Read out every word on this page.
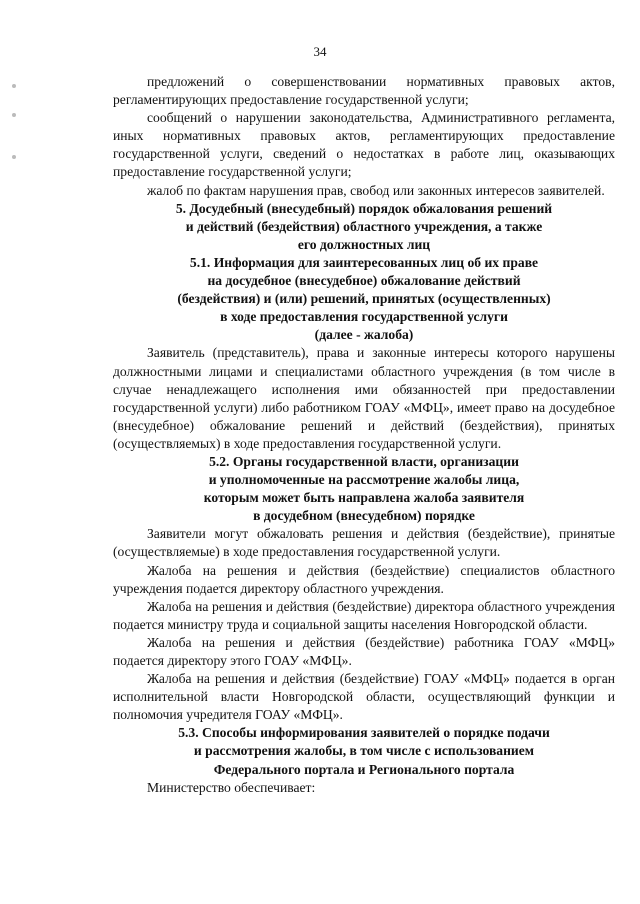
34

предложений о совершенствовании нормативных правовых актов, регламентирующих предоставление государственной услуги;

сообщений о нарушении законодательства, Административного регламента, иных нормативных правовых актов, регламентирующих предоставление государственной услуги, сведений о недостатках в работе лиц, оказывающих предоставление государственной услуги;

жалоб по фактам нарушения прав, свобод или законных интересов заявителей.

5. Досудебный (внесудебный) порядок обжалования решений
и действий (бездействия) областного учреждения, а также
его должностных лиц
5.1. Информация для заинтересованных лиц об их праве
на досудебное (внесудебное) обжалование действий
(бездействия) и (или) решений, принятых (осуществленных)
в ходе предоставления государственной услуги
(далее - жалоба)

Заявитель (представитель), права и законные интересы которого нарушены должностными лицами и специалистами областного учреждения (в том числе в случае ненадлежащего исполнения ими обязанностей при предоставлении государственной услуги) либо работником ГОАУ «МФЦ», имеет право на досудебное (внесудебное) обжалование решений и действий (бездействия), принятых (осуществляемых) в ходе предоставления государственной услуги.

5.2. Органы государственной власти, организации
и уполномоченные на рассмотрение жалобы лица,
которым может быть направлена жалоба заявителя
в досудебном (внесудебном) порядке

Заявители могут обжаловать решения и действия (бездействие), принятые (осуществляемые) в ходе предоставления государственной услуги.

Жалоба на решения и действия (бездействие) специалистов областного учреждения подается директору областного учреждения.

Жалоба на решения и действия (бездействие) директора областного учреждения подается министру труда и социальной защиты населения Новгородской области.

Жалоба на решения и действия (бездействие) работника ГОАУ «МФЦ» подается директору этого ГОАУ «МФЦ».

Жалоба на решения и действия (бездействие) ГОАУ «МФЦ» подается в орган исполнительной власти Новгородской области, осуществляющий функции и полномочия учредителя ГОАУ «МФЦ».

5.3. Способы информирования заявителей о порядке подачи
и рассмотрения жалобы, в том числе с использованием
Федерального портала и Регионального портала

Министерство обеспечивает:
